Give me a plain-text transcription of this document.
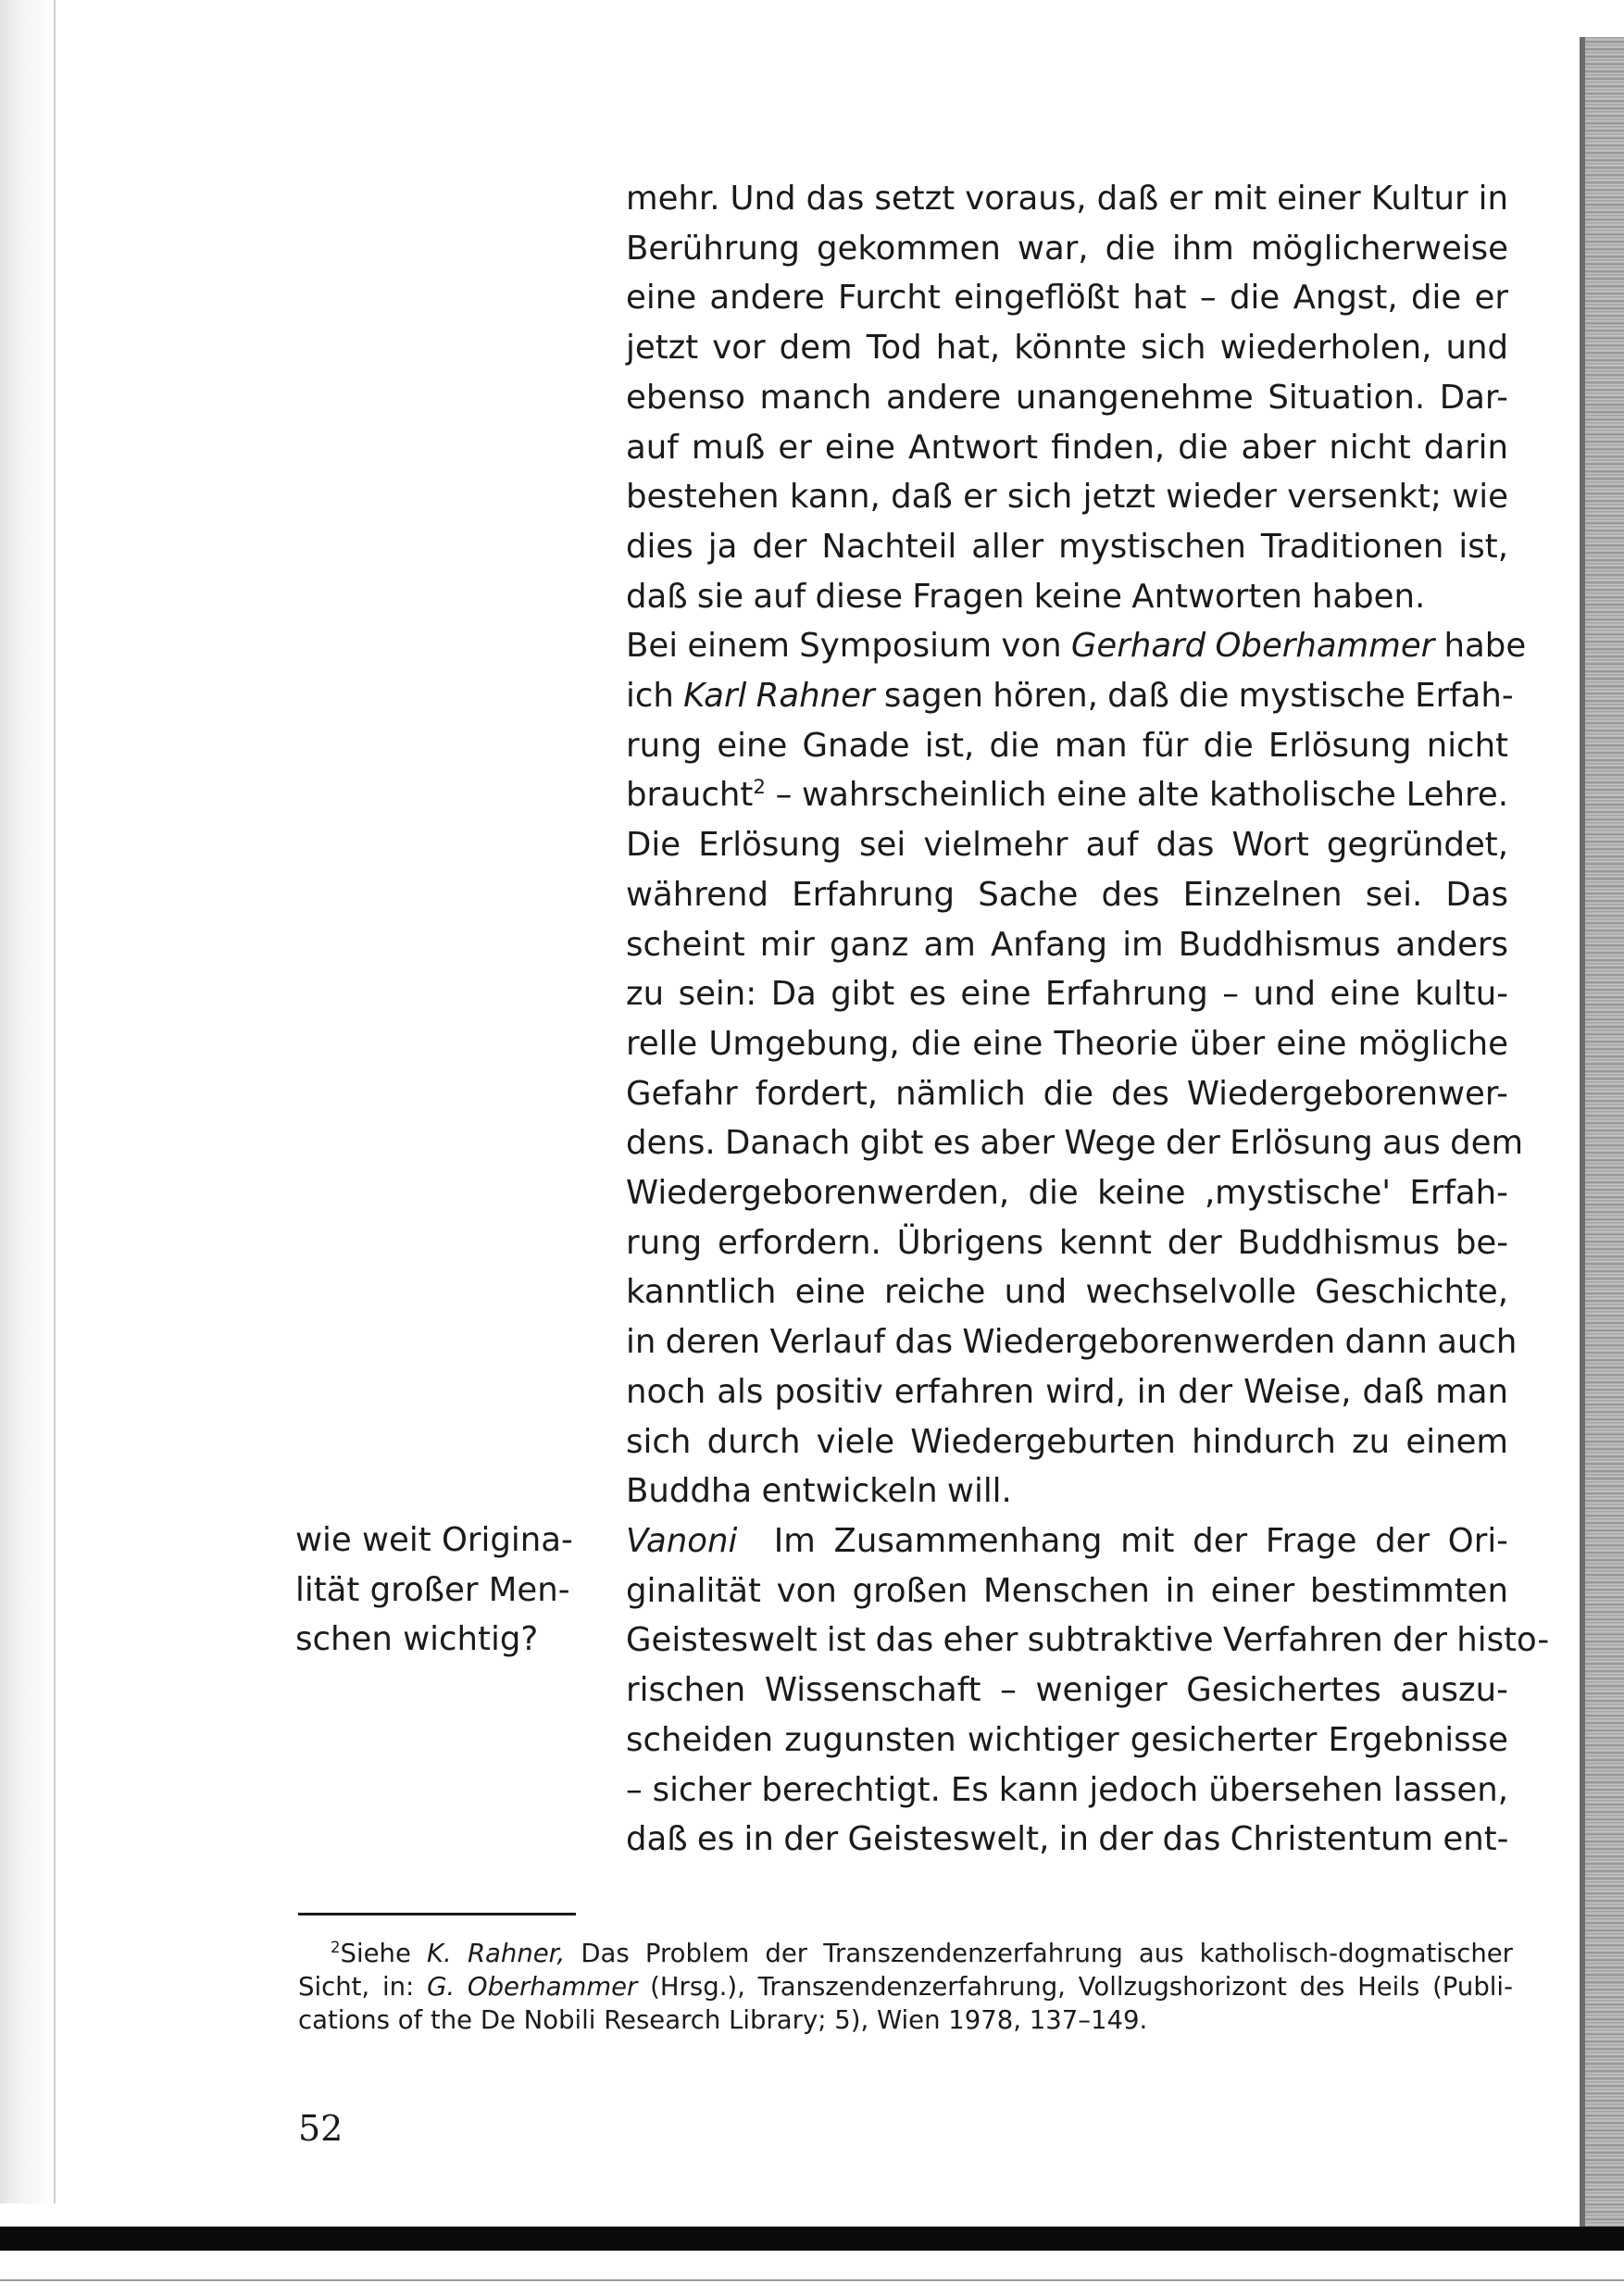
mehr. Und das setzt voraus, daß er mit einer Kultur in
Berührung gekommen war, die ihm möglicherweise
eine andere Furcht eingeflößt hat – die Angst, die er
jetzt vor dem Tod hat, könnte sich wiederholen, und
ebenso manch andere unangenehme Situation. Dar-
auf muß er eine Antwort finden, die aber nicht darin
bestehen kann, daß er sich jetzt wieder versenkt; wie
dies ja der Nachteil aller mystischen Traditionen ist,
daß sie auf diese Fragen keine Antworten haben.
Bei einem Symposium von Gerhard Oberhammer habe
ich Karl Rahner sagen hören, daß die mystische Erfah-
rung eine Gnade ist, die man für die Erlösung nicht
braucht$^2$ – wahrscheinlich eine alte katholische Lehre.
Die Erlösung sei vielmehr auf das Wort gegründet,
während Erfahrung Sache des Einzelnen sei. Das
scheint mir ganz am Anfang im Buddhismus anders
zu sein: Da gibt es eine Erfahrung – und eine kultu-
relle Umgebung, die eine Theorie über eine mögliche
Gefahr fordert, nämlich die des Wiedergeborenwer-
dens. Danach gibt es aber Wege der Erlösung aus dem
Wiedergeborenwerden, die keine ‚mystische' Erfah-
rung erfordern. Übrigens kennt der Buddhismus be-
kanntlich eine reiche und wechselvolle Geschichte,
in deren Verlauf das Wiedergeborenwerden dann auch
noch als positiv erfahren wird, in der Weise, daß man
sich durch viele Wiedergeburten hindurch zu einem
Buddha entwickeln will.
Vanoni Im Zusammenhang mit der Frage der Ori-
ginalität von großen Menschen in einer bestimmten
Geisteswelt ist das eher subtraktive Verfahren der histo-
rischen Wissenschaft – weniger Gesichertes auszu-
scheiden zugunsten wichtiger gesicherter Ergebnisse
– sicher berechtigt. Es kann jedoch übersehen lassen,
daß es in der Geisteswelt, in der das Christentum ent-
wie weit Origina-
lität großer Men-
schen wichtig?
$^2$Siehe K. Rahner, Das Problem der Transzendenzerfahrung aus katholisch-dogmatischer
Sicht, in: G. Oberhammer (Hrsg.), Transzendenzerfahrung, Vollzugshorizont des Heils (Publi-
cations of the De Nobili Research Library; 5), Wien 1978, 137–149.
52
